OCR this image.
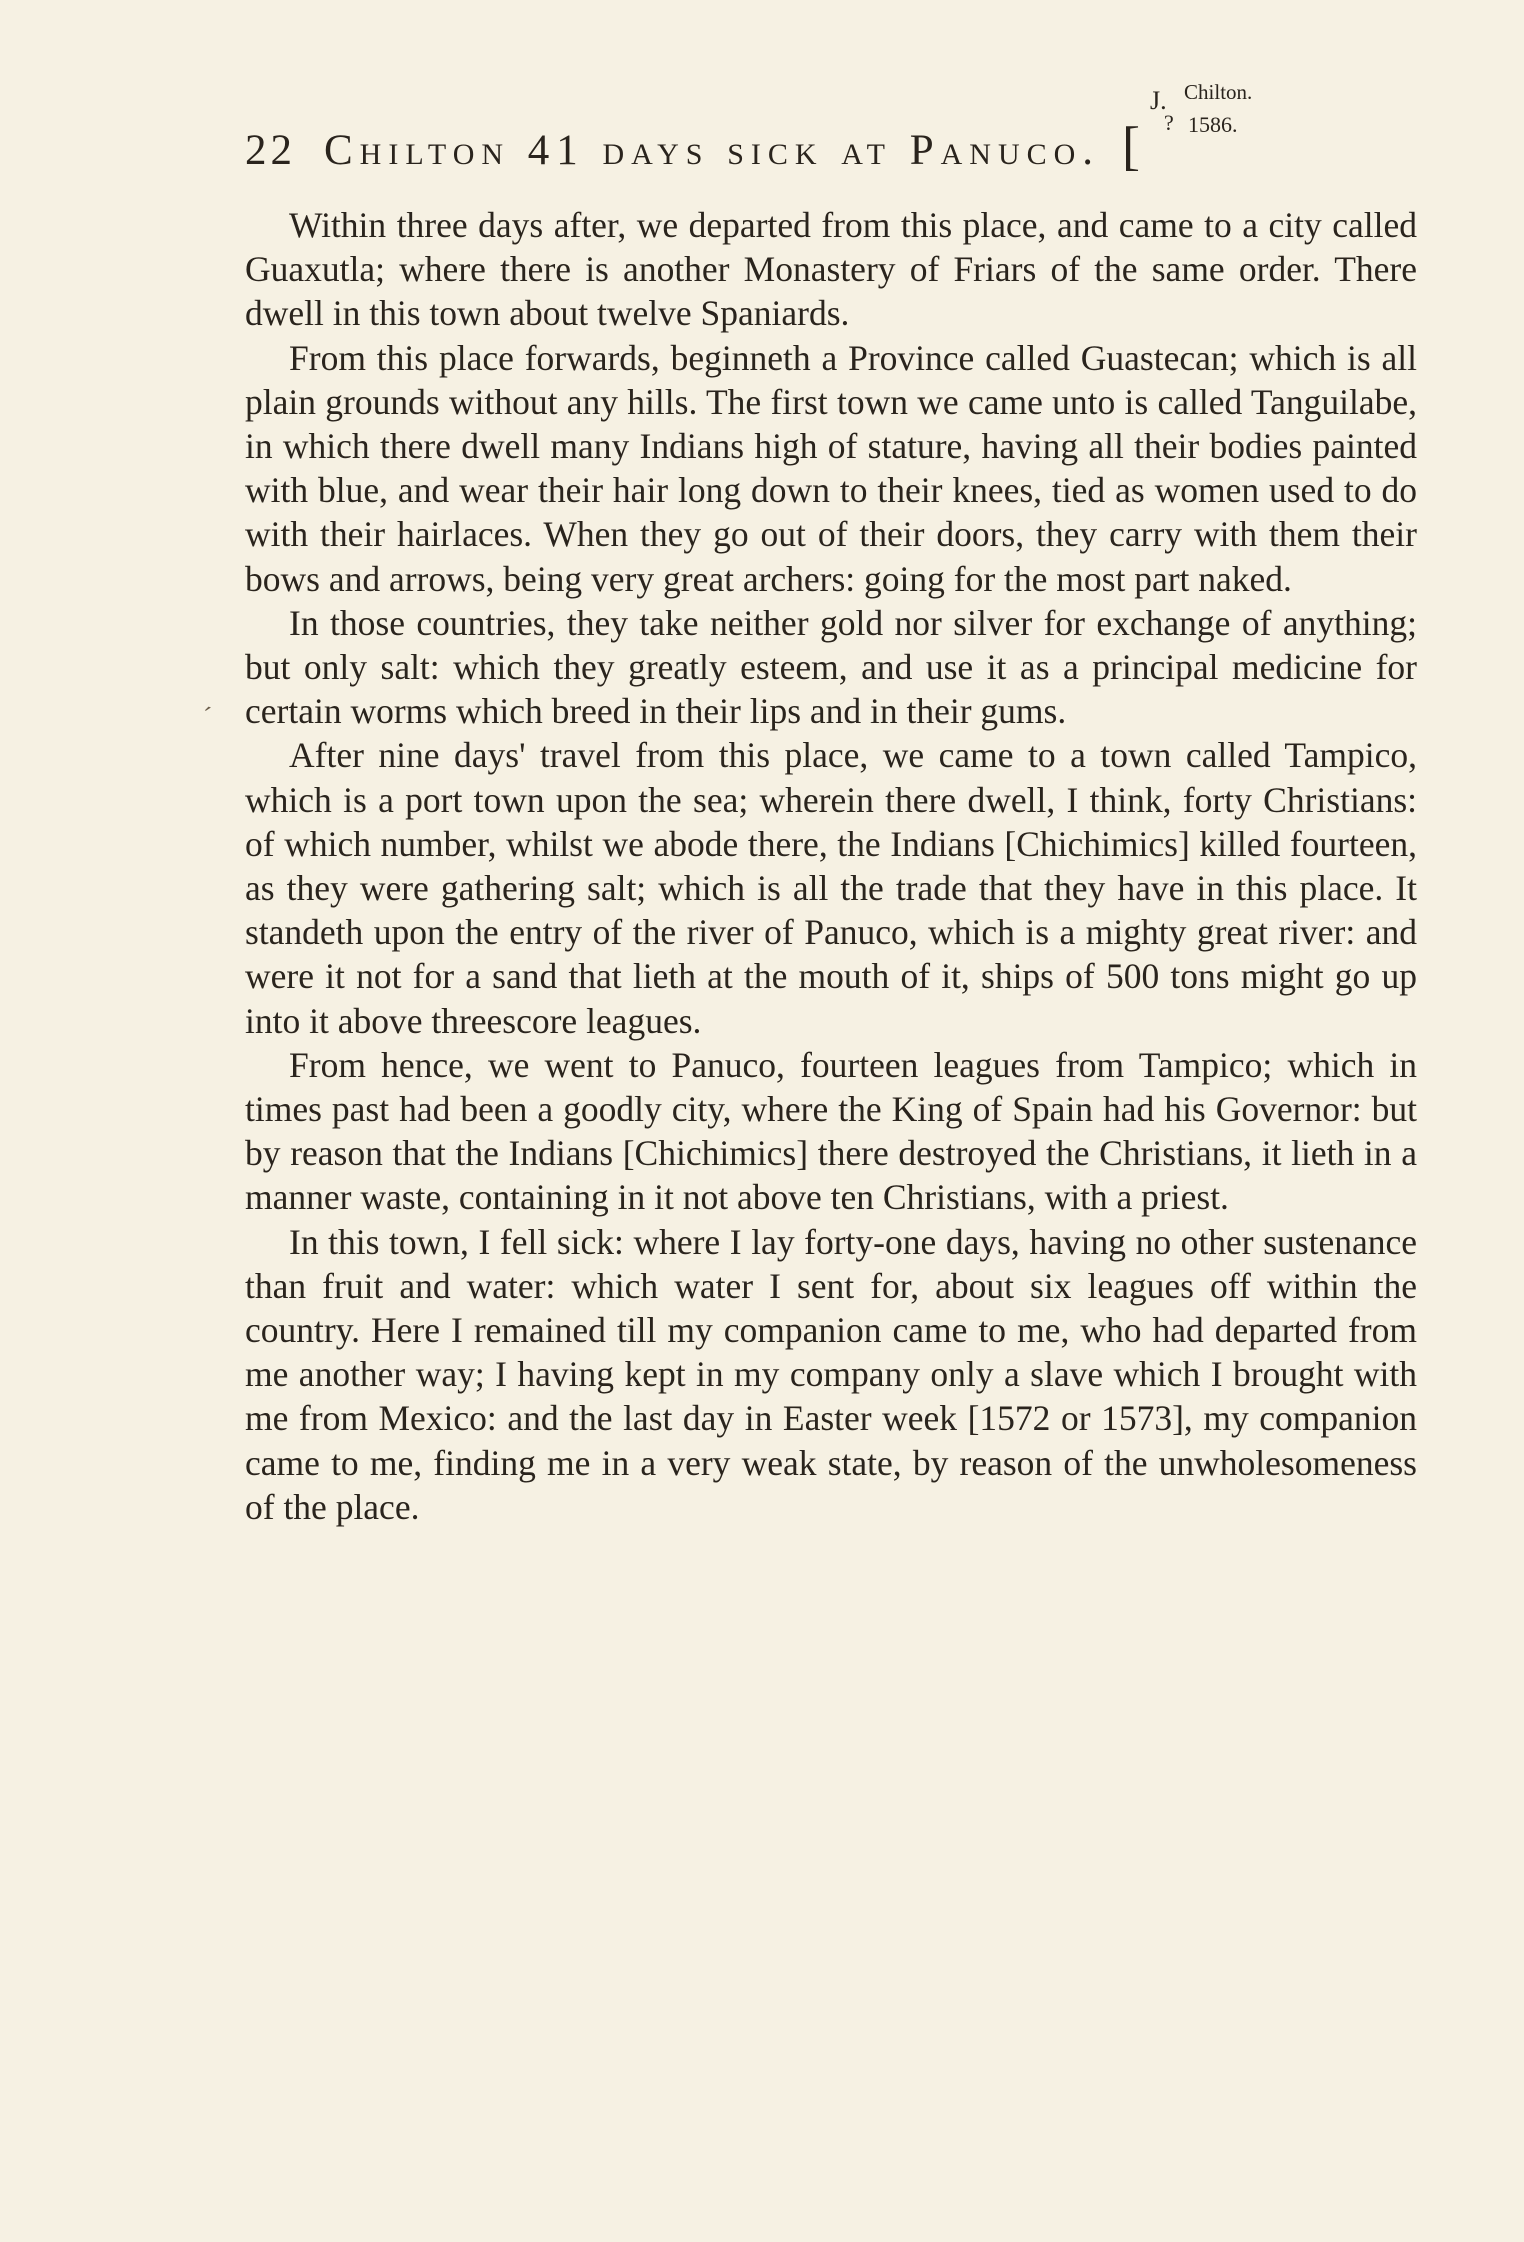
22 Chilton 41 days sick at Panuco. [
J. Chilton.
? 1586.
′

Within three days after, we departed from this place, and came to a city called Guaxutla; where there is another Monastery of Friars of the same order. There dwell in this town about twelve Spaniards.

From this place forwards, beginneth a Province called Guastecan; which is all plain grounds without any hills. The first town we came unto is called Tanguilabe, in which there dwell many Indians high of stature, having all their bodies painted with blue, and wear their hair long down to their knees, tied as women used to do with their hairlaces. When they go out of their doors, they carry with them their bows and arrows, being very great archers: going for the most part naked.

In those countries, they take neither gold nor silver for exchange of anything; but only salt: which they greatly esteem, and use it as a principal medicine for certain worms which breed in their lips and in their gums.

After nine days' travel from this place, we came to a town called Tampico, which is a port town upon the sea; wherein there dwell, I think, forty Christians: of which number, whilst we abode there, the Indians [Chichimics] killed fourteen, as they were gathering salt; which is all the trade that they have in this place. It standeth upon the entry of the river of Panuco, which is a mighty great river: and were it not for a sand that lieth at the mouth of it, ships of 500 tons might go up into it above threescore leagues.

From hence, we went to Panuco, fourteen leagues from Tampico; which in times past had been a goodly city, where the King of Spain had his Governor: but by reason that the Indians [Chichimics] there destroyed the Christians, it lieth in a manner waste, containing in it not above ten Christians, with a priest.

In this town, I fell sick: where I lay forty-one days, having no other sustenance than fruit and water: which water I sent for, about six leagues off within the country. Here I remained till my companion came to me, who had departed from me another way; I having kept in my company only a slave which I brought with me from Mexico: and the last day in Easter week [1572 or 1573], my companion came to me, finding me in a very weak state, by reason of the unwholesomeness of the place.
